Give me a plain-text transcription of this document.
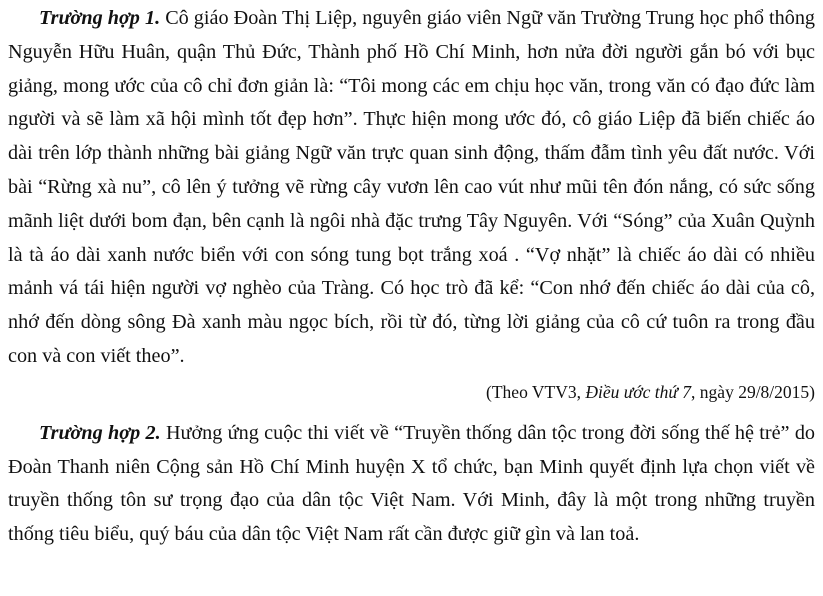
Trường hợp 1. Cô giáo Đoàn Thị Liệp, nguyên giáo viên Ngữ văn Trường Trung học phổ thông Nguyễn Hữu Huân, quận Thủ Đức, Thành phố Hồ Chí Minh, hơn nửa đời người gắn bó với bục giảng, mong ước của cô chỉ đơn giản là: “Tôi mong các em chịu học văn, trong văn có đạo đức làm người và sẽ làm xã hội mình tốt đẹp hơn”. Thực hiện mong ước đó, cô giáo Liệp đã biến chiếc áo dài trên lớp thành những bài giảng Ngữ văn trực quan sinh động, thấm đẫm tình yêu đất nước. Với bài “Rừng xà nu”, cô lên ý tưởng vẽ rừng cây vươn lên cao vút như mũi tên đón nắng, có sức sống mãnh liệt dưới bom đạn, bên cạnh là ngôi nhà đặc trưng Tây Nguyên. Với “Sóng” của Xuân Quỳnh là tà áo dài xanh nước biển với con sóng tung bọt trắng xoá . “Vợ nhặt” là chiếc áo dài có nhiều mảnh vá tái hiện người vợ nghèo của Tràng. Có học trò đã kể: “Con nhớ đến chiếc áo dài của cô, nhớ đến dòng sông Đà xanh màu ngọc bích, rồi từ đó, từng lời giảng của cô cứ tuôn ra trong đầu con và con viết theo”.

(Theo VTV3, Điều ước thứ 7, ngày 29/8/2015)

Trường hợp 2. Hưởng ứng cuộc thi viết về “Truyền thống dân tộc trong đời sống thế hệ trẻ” do Đoàn Thanh niên Cộng sản Hồ Chí Minh huyện X tổ chức, bạn Minh quyết định lựa chọn viết về truyền thống tôn sư trọng đạo của dân tộc Việt Nam. Với Minh, đây là một trong những truyền thống tiêu biểu, quý báu của dân tộc Việt Nam rất cần được giữ gìn và lan toả.
